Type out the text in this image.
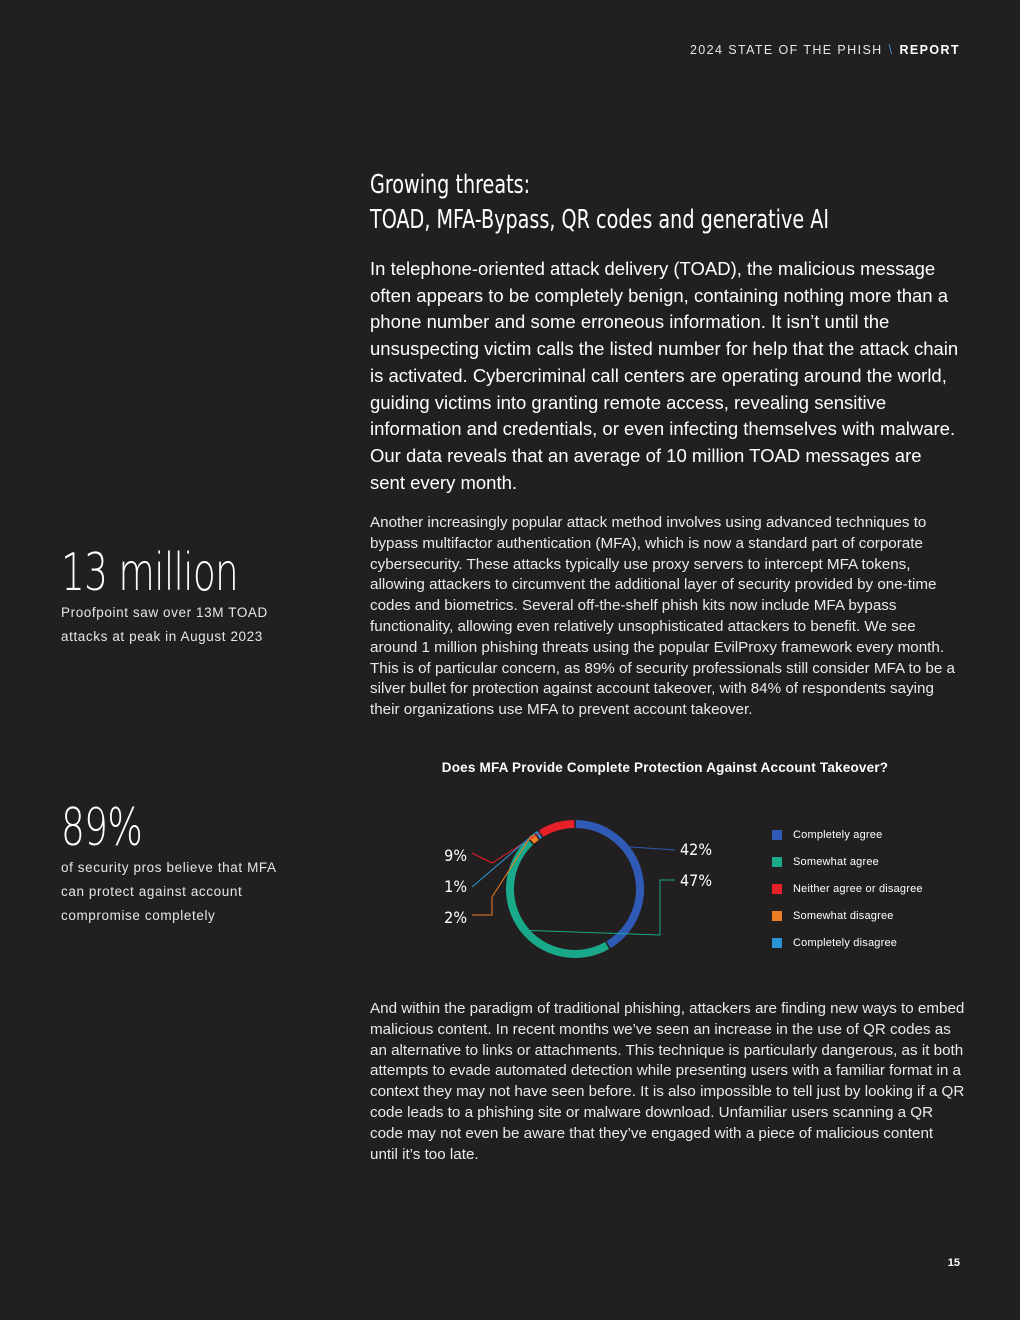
2024 STATE OF THE PHISH \ REPORT
Growing threats:
TOAD, MFA-Bypass, QR codes and generative AI

In telephone-oriented attack delivery (TOAD), the malicious message often appears to be completely benign, containing nothing more than a phone number and some erroneous information. It isn’t until the unsuspecting victim calls the listed number for help that the attack chain is activated. Cybercriminal call centers are operating around the world, guiding victims into granting remote access, revealing sensitive information and credentials, or even infecting themselves with malware. Our data reveals that an average of 10 million TOAD messages are sent every month.

Another increasingly popular attack method involves using advanced techniques to bypass multifactor authentication (MFA), which is now a standard part of corporate cybersecurity. These attacks typically use proxy servers to intercept MFA tokens, allowing attackers to circumvent the additional layer of security provided by one-time codes and biometrics. Several off-the-shelf phish kits now include MFA bypass functionality, allowing even relatively unsophisticated attackers to benefit. We see around 1 million phishing threats using the popular EvilProxy framework every month. This is of particular concern, as 89% of security professionals still consider MFA to be a silver bullet for protection against account takeover, with 84% of respondents saying their organizations use MFA to prevent account takeover.

13 million
Proofpoint saw over 13M TOAD attacks at peak in August 2023
89%
of security pros believe that MFA can protect against account compromise completely
Does MFA Provide Complete Protection Against Account Takeover?
42%
47%
9%
1%
2%
Completely agree
Somewhat agree
Neither agree or disagree
Somewhat disagree
Completely disagree

And within the paradigm of traditional phishing, attackers are finding new ways to embed malicious content. In recent months we’ve seen an increase in the use of QR codes as an alternative to links or attachments. This technique is particularly dangerous, as it both attempts to evade automated detection while presenting users with a familiar format in a context they may not have seen before. It is also impossible to tell just by looking if a QR code leads to a phishing site or malware download. Unfamiliar users scanning a QR code may not even be aware that they’ve engaged with a piece of malicious content until it’s too late.

15
